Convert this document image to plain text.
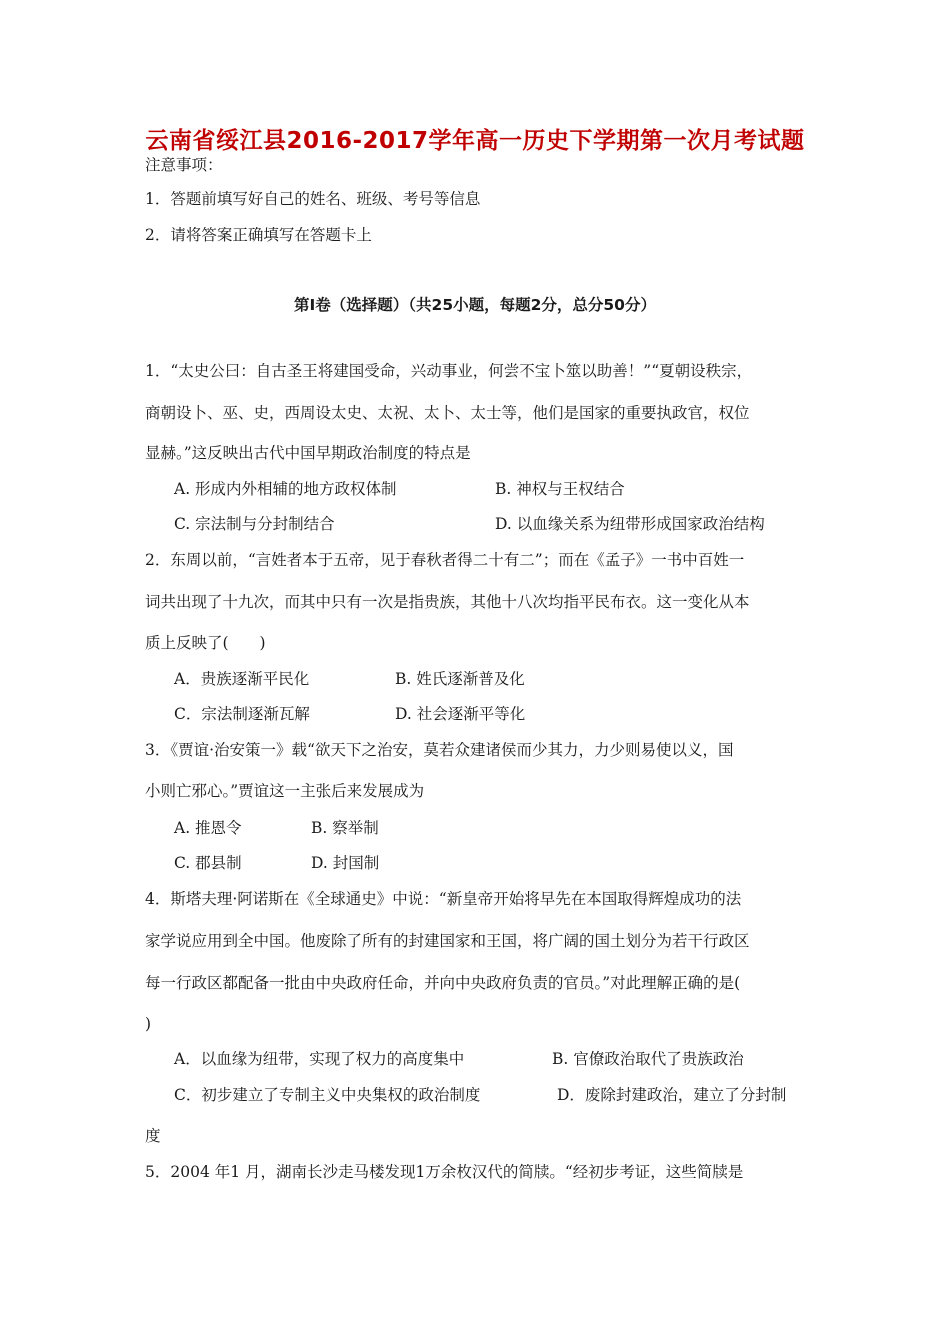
云南省绥江县2016-2017学年高一历史下学期第一次月考试题
注意事项：
1．答题前填写好自己的姓名、班级、考号等信息
2．请将答案正确填写在答题卡上
第I卷（选择题）（共25小题，每题2分，总分50分）
1．“太史公曰：自古圣王将建国受命，兴动事业，何尝不宝卜筮以助善！”“夏朝设秩宗，
商朝设卜、巫、史，西周设太史、太祝、太卜、太士等，他们是国家的重要执政官，权位
显赫。”这反映出古代中国早期政治制度的特点是
A. 形成内外相辅的地方政权体制	B. 神权与王权结合
C. 宗法制与分封制结合	D. 以血缘关系为纽带形成国家政治结构
2．东周以前，“言姓者本于五帝，见于春秋者得二十有二”；而在《孟子》一书中百姓一
词共出现了十九次，而其中只有一次是指贵族，其他十八次均指平民布衣。这一变化从本
质上反映了(　　)
A．贵族逐渐平民化	B. 姓氏逐渐普及化
C．宗法制逐渐瓦解	D. 社会逐渐平等化
3．《贾谊·治安策一》载“欲天下之治安，莫若众建诸侯而少其力，力少则易使以义，国
小则亡邪心。”贾谊这一主张后来发展成为
A. 推恩令	B. 察举制
C. 郡县制	D. 封国制
4．斯塔夫理·阿诺斯在《全球通史》中说：“新皇帝开始将早先在本国取得辉煌成功的法
家学说应用到全中国。他废除了所有的封建国家和王国，将广阔的国土划分为若干行政区
每一行政区都配备一批由中央政府任命，并向中央政府负责的官员。”对此理解正确的是(
)
A．以血缘为纽带，实现了权力的高度集中	B. 官僚政治取代了贵族政治
C．初步建立了专制主义中央集权的政治制度	D．废除封建政治，建立了分封制
度
5．2004 年1 月，湖南长沙走马楼发现1万余枚汉代的简牍。“经初步考证，这些简牍是
